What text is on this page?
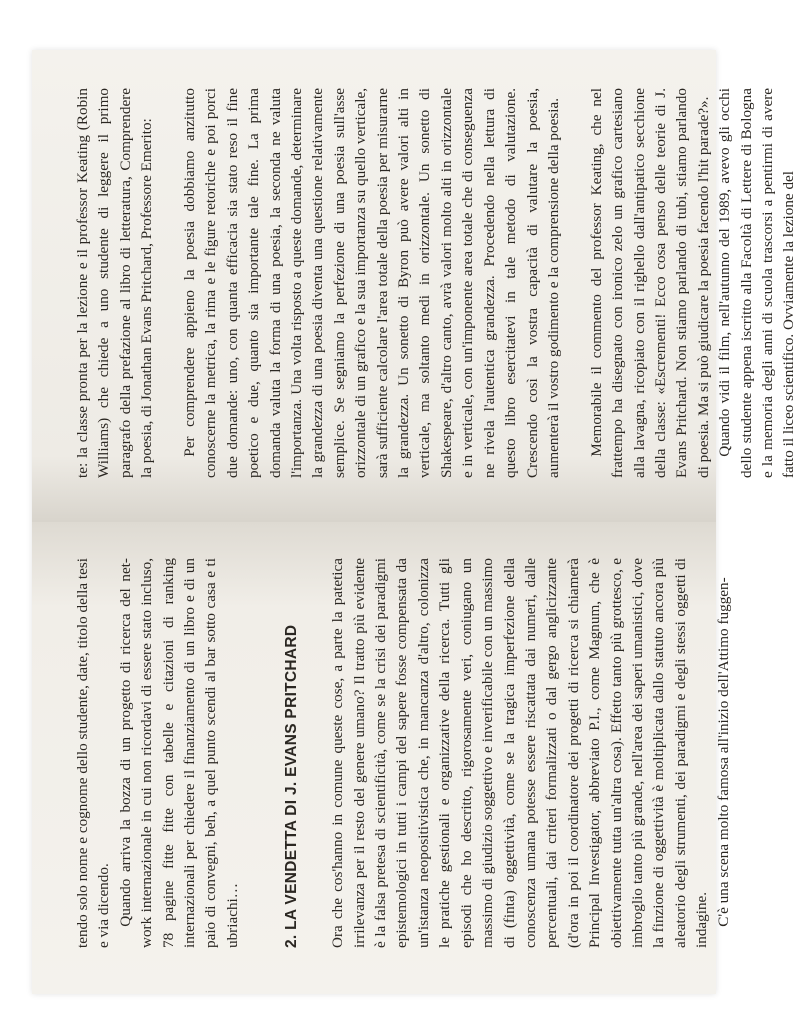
tendo solo nome e cognome dello studente, date, titolo della tesi e via dicendo. Quando arriva la bozza di un progetto di ricerca del net-work internazionale in cui non ricordavi di essere stato incluso, 78 pagine fitte fitte con tabelle e citazioni di ranking internazionali per chiedere il finanziamento di un libro e di un paio di convegni, beh, a quel punto scendi al bar sotto casa e ti ubriachi…	2. LA VENDETTA DI J. EVANS PRITCHARD Ora che cos'hanno in comune queste cose, a parte la patetica irrilevanza per il resto del genere umano? Il tratto più evidente è la falsa pretesa di scientificità, come se la crisi dei paradigmi epistemologici in tutti i campi del sapere fosse compensata da un'istanza neopositivistica che, in mancanza d'altro, colonizza le pratiche gestionali e organizzative della ricerca. Tutti gli episodi che ho descritto, rigorosamente veri, coniugano un massimo di giudizio soggettivo e inverificabile con un massimo di (finta) oggettività, come se la tragica imperfezione della conoscenza umana potesse essere riscattata dai numeri, dalle percentuali, dai criteri formalizzati o dal gergo anglicizzante (d'ora in poi il coordinatore dei progetti di ricerca si chiamerà Principal Investigator, abbreviato P.I., come Magnum, che è obiettivamente tutta un'altra cosa). Effetto tanto più grottesco, e imbroglio tanto più grande, nell'area dei saperi umanistici, dove la finzione di oggettività è moltiplicata dallo statuto ancora più aleatorio degli strumenti, dei paradigmi e degli stessi oggetti di indagine. C'è una scena molto famosa all'inizio dell'Attimo fuggen-

te: la classe pronta per la lezione e il professor Keating (Robin Williams) che chiede a uno studente di leggere il primo paragrafo della prefazione al libro di letteratura, Comprendere la poesia, di Jonathan Evans Pritchard, Professore Emerito: Per comprendere appieno la poesia dobbiamo anzitutto conoscerne la metrica, la rima e le figure retoriche e poi porci due domande: uno, con quanta efficacia sia stato reso il fine poetico e due, quanto sia importante tale fine. La prima domanda valuta la forma di una poesia, la seconda ne valuta l'importanza. Una volta risposto a queste domande, determinare la grandezza di una poesia diventa una questione relativamente semplice. Se segniamo la perfezione di una poesia sull'asse orizzontale di un grafico e la sua importanza su quello verticale, sarà sufficiente calcolare l'area totale della poesia per misurarne la grandezza. Un sonetto di Byron può avere valori alti in verticale, ma soltanto medi in orizzontale. Un sonetto di Shakespeare, d'altro canto, avrà valori molto alti in orizzontale e in verticale, con un'imponente area totale che di conseguenza ne rivela l'autentica grandezza. Procedendo nella lettura di questo libro esercitatevi in tale metodo di valutazione. Crescendo così la vostra capacità di valutare la poesia, aumenterà il vostro godimento e la comprensione della poesia. Memorabile il commento del professor Keating, che nel frattempo ha disegnato con ironico zelo un grafico cartesiano alla lavagna, ricopiato con il righello dall'antipatico secchione della classe: «Escrementi! Ecco cosa penso delle teorie di J. Evans Pritchard. Non stiamo parlando di tubi, stiamo parlando di poesia. Ma si può giudicare la poesia facendo l'hit parade?». Quando vidi il film, nell'autunno del 1989, avevo gli occhi dello studente appena iscritto alla Facoltà di Lettere di Bologna e la memoria degli anni di scuola trascorsi a pentirmi di avere fatto il liceo scientifico. Ovviamente la lezione del
